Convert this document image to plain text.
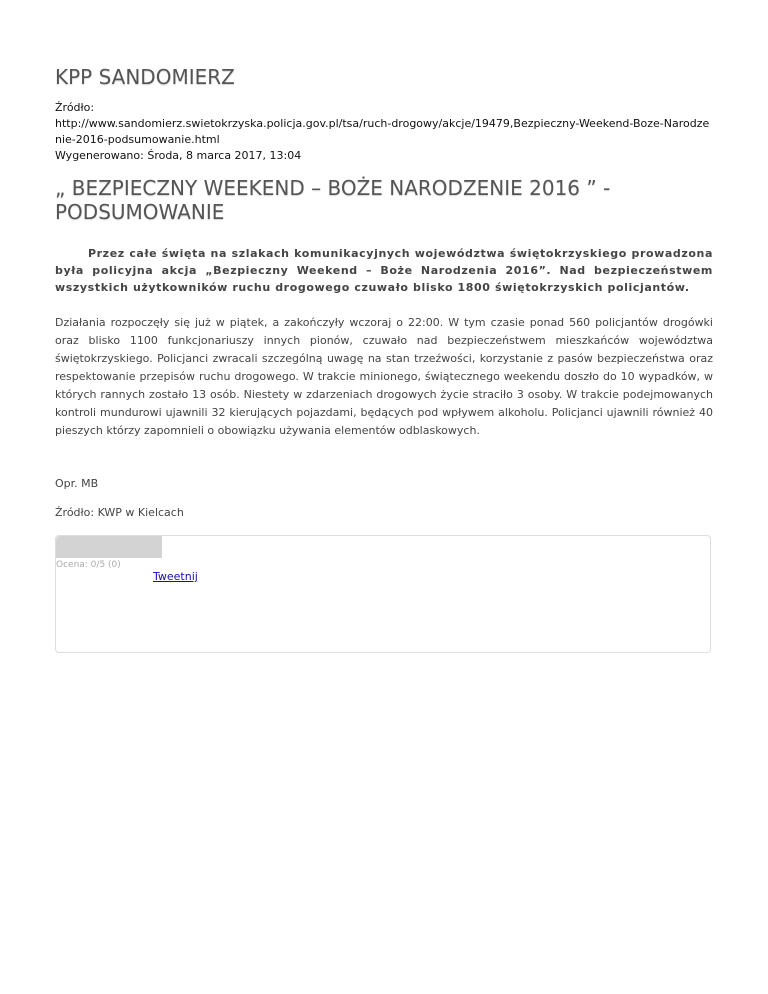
KPP SANDOMIERZ
Źródło:
http://www.sandomierz.swietokrzyska.policja.gov.pl/tsa/ruch-drogowy/akcje/19479,Bezpieczny-Weekend-Boze-Narodzenie-2016-podsumowanie.html
Wygenerowano: Środa, 8 marca 2017, 13:04
„ BEZPIECZNY WEEKEND – BOŻE NARODZENIE 2016 ” - PODSUMOWANIE
Przez całe święta na szlakach komunikacyjnych województwa świętokrzyskiego prowadzona była policyjna akcja „Bezpieczny Weekend – Boże Narodzenia 2016”. Nad bezpieczeństwem wszystkich użytkowników ruchu drogowego czuwało blisko 1800 świętokrzyskich policjantów.
Działania rozpoczęły się już w piątek, a zakończyły wczoraj o 22:00. W tym czasie ponad 560 policjantów drogówki oraz blisko 1100 funkcjonariuszy innych pionów, czuwało nad bezpieczeństwem mieszkańców województwa świętokrzyskiego. Policjanci zwracali szczególną uwagę na stan trzeźwości, korzystanie z pasów bezpieczeństwa oraz respektowanie przepisów ruchu drogowego. W trakcie minionego, świątecznego weekendu doszło do 10 wypadków, w których rannych zostało 13 osób. Niestety w zdarzeniach drogowych życie straciło 3 osoby. W trakcie podejmowanych kontroli mundurowi ujawnili 32 kierujących pojazdami, będących pod wpływem alkoholu. Policjanci ujawnili również 40 pieszych którzy zapomnieli o obowiązku używania elementów odblaskowych.
Opr. MB
Źródło: KWP w Kielcach
Ocena: 0/5 (0)
Tweetnij
